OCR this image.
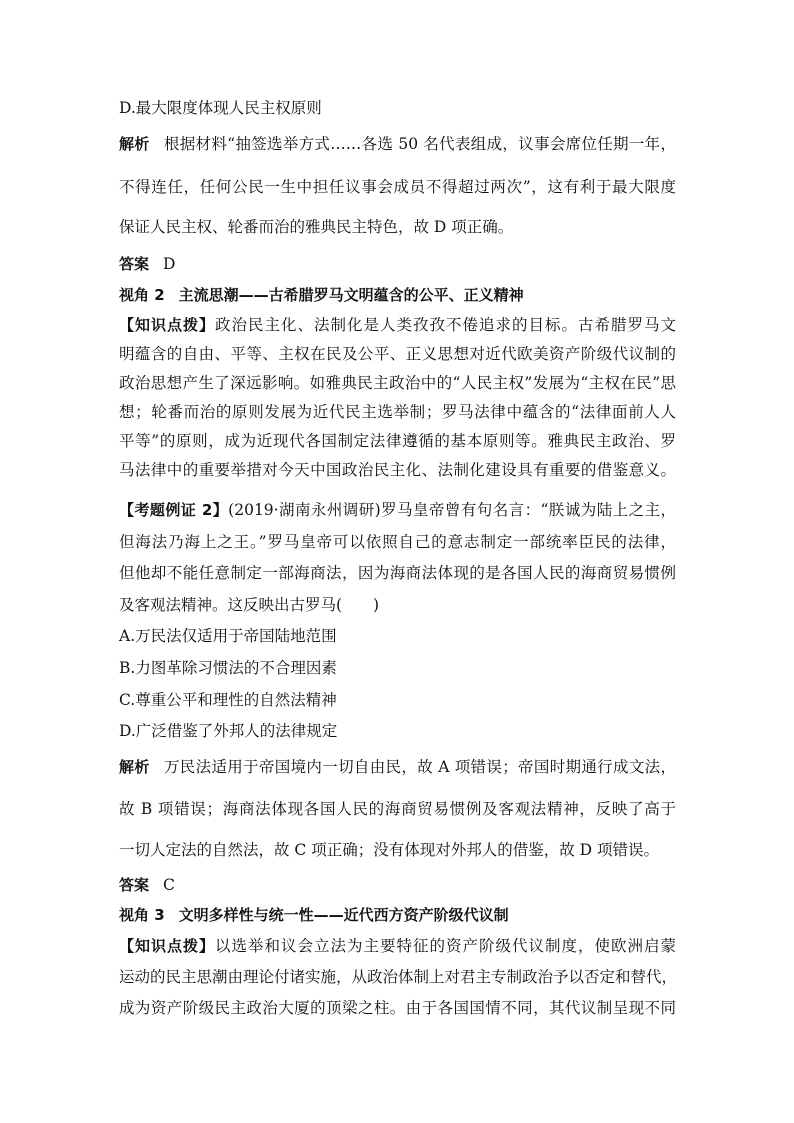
D.最大限度体现人民主权原则
解析 根据材料“抽签选举方式……各选 50 名代表组成，议事会席位任期一年，
不得连任，任何公民一生中担任议事会成员不得超过两次”，这有利于最大限度
保证人民主权、轮番而治的雅典民主特色，故 D 项正确。
答案 D
视角 2 主流思潮——古希腊罗马文明蕴含的公平、正义精神
【知识点拨】政治民主化、法制化是人类孜孜不倦追求的目标。古希腊罗马文
明蕴含的自由、平等、主权在民及公平、正义思想对近代欧美资产阶级代议制的
政治思想产生了深远影响。如雅典民主政治中的“人民主权”发展为“主权在民”思
想；轮番而治的原则发展为近代民主选举制；罗马法律中蕴含的“法律面前人人
平等”的原则，成为近现代各国制定法律遵循的基本原则等。雅典民主政治、罗
马法律中的重要举措对今天中国政治民主化、法制化建设具有重要的借鉴意义。
【考题例证 2】(2019·湖南永州调研)罗马皇帝曾有句名言：“朕诚为陆上之主，
但海法乃海上之王。”罗马皇帝可以依照自己的意志制定一部统率臣民的法律，
但他却不能任意制定一部海商法，因为海商法体现的是各国人民的海商贸易惯例
及客观法精神。这反映出古罗马(　　)
A.万民法仅适用于帝国陆地范围
B.力图革除习惯法的不合理因素
C.尊重公平和理性的自然法精神
D.广泛借鉴了外邦人的法律规定
解析 万民法适用于帝国境内一切自由民，故 A 项错误；帝国时期通行成文法，
故 B 项错误；海商法体现各国人民的海商贸易惯例及客观法精神，反映了高于
一切人定法的自然法，故 C 项正确；没有体现对外邦人的借鉴，故 D 项错误。
答案 C
视角 3 文明多样性与统一性——近代西方资产阶级代议制
【知识点拨】以选举和议会立法为主要特征的资产阶级代议制度，使欧洲启蒙
运动的民主思潮由理论付诸实施，从政治体制上对君主专制政治予以否定和替代，
成为资产阶级民主政治大厦的顶梁之柱。由于各国国情不同，其代议制呈现不同
